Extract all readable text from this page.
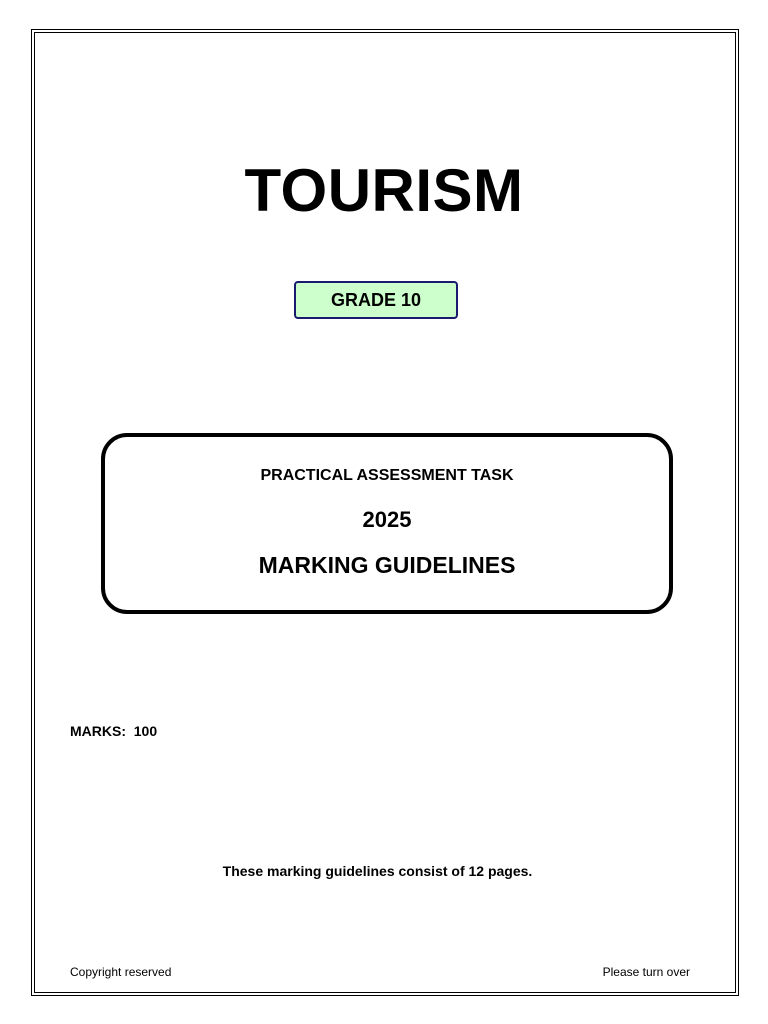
TOURISM
GRADE 10
PRACTICAL ASSESSMENT TASK
2025
MARKING GUIDELINES
MARKS:  100
These marking guidelines consist of 12 pages.
Copyright reserved	Please turn over
